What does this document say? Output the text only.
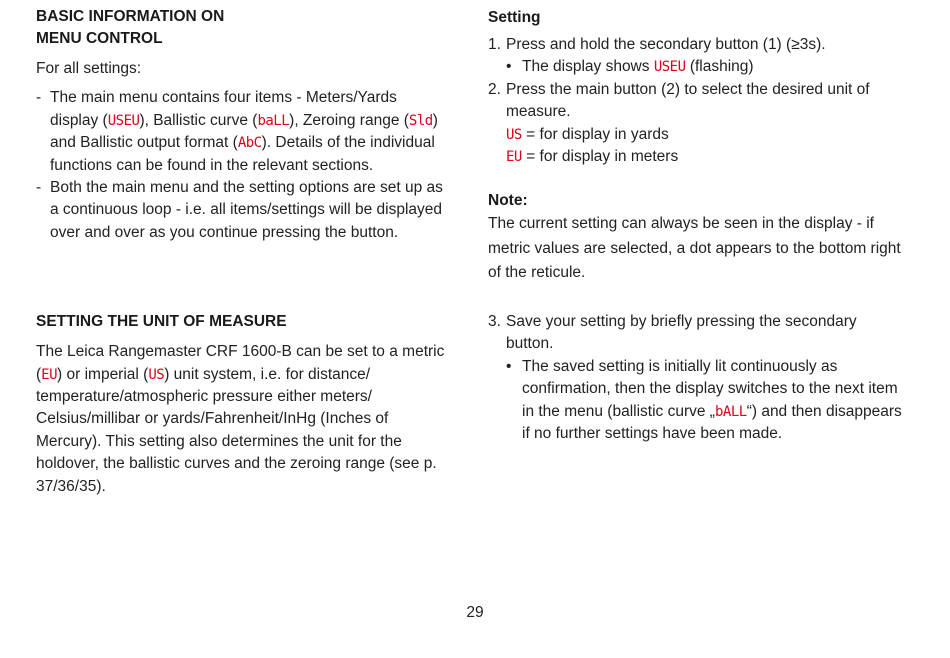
BASIC INFORMATION ON
MENU CONTROL

For all settings:

- The main menu contains four items - Meters/Yards display (USEU), Ballistic curve (baLL), Zeroing range (Sld) and Ballistic output format (AbC). Details of the individual functions can be found in the relevant sections.
- Both the main menu and the setting options are set up as a continuous loop - i.e. all items/settings will be displayed over and over as you continue pressing the button.
SETTING THE UNIT OF MEASURE

The Leica Rangemaster CRF 1600-B can be set to a metric (EU) or imperial (US) unit system, i.e. for distance/ temperature/atmospheric pressure either meters/ Celsius/millibar or yards/Fahrenheit/InHg (Inches of Mercury). This setting also determines the unit for the holdover, the ballistic curves and the zeroing range (see p. 37/36/35).

Setting
1. Press and hold the secondary button (1) (≥3s).
• The display shows USEU (flashing)
2. Press the main button (2) to select the desired unit of measure.
US = for display in yards
EU = for display in meters
Note:

The current setting can always be seen in the display - if metric values are selected, a dot appears to the bottom right of the reticule.

3. Save your setting by briefly pressing the secondary button.
• The saved setting is initially lit continuously as confirmation, then the display switches to the next item in the menu (ballistic curve „bALL“) and then disappears if no further settings have been made.
29
